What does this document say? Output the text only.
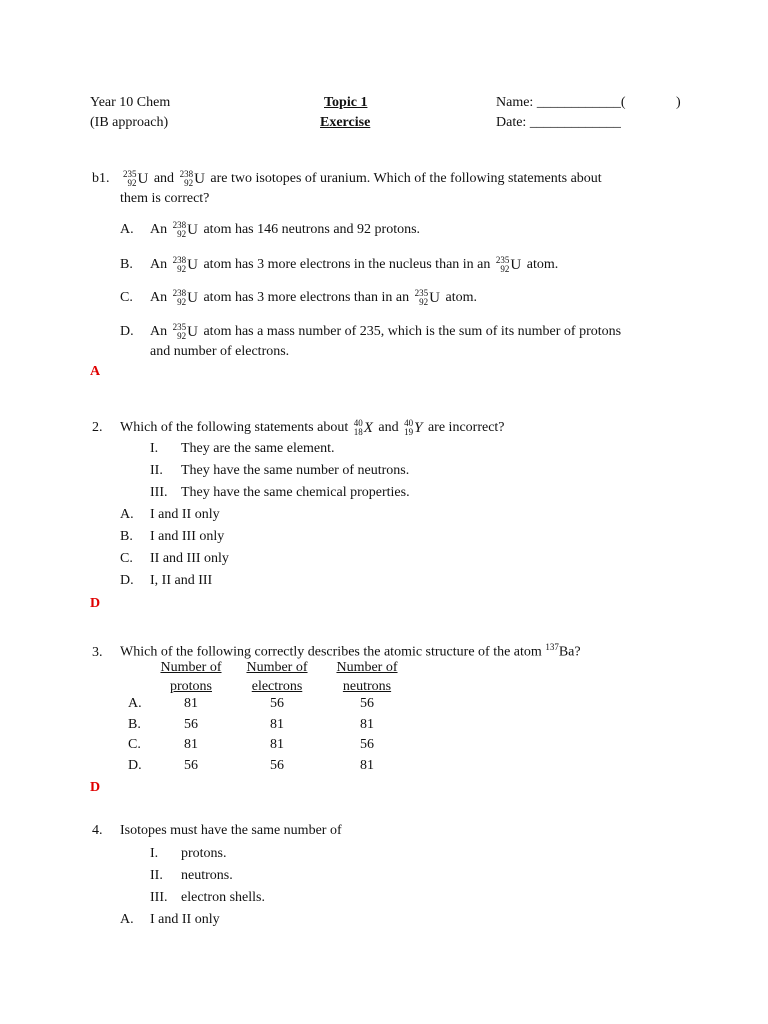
Year 10 Chem
(IB approach)
Topic 1
Exercise
Name: ____________(	)
Date: _____________
b1. 235
92 U and 238
92 U are two isotopes of uranium. Which of the following statements about
them is correct?
A. An 238
92 U atom has 146 neutrons and 92 protons.
B. An 238
92 U atom has 3 more electrons in the nucleus than in an 235
92 U atom.
C. An 238
92 U atom has 3 more electrons than in an 235
92 U atom.
D. An 235
92 U atom has a mass number of 235, which is the sum of its number of protons
and number of electrons.
A
2. Which of the following statements about 40
18 X and 40
19 Y are incorrect?
I. They are the same element.
II. They have the same number of neutrons.
III. They have the same chemical properties.
A. I and II only
B. I and III only
C. II and III only
D. I, II and III
D
3. Which of the following correctly describes the atomic structure of the atom $^{137}$Ba?
Number of
protons
Number of
electrons
Number of
neutrons
A.	81	56	56
B.	56	81	81
C.	81	81	56
D.	56	56	81
D
4. Isotopes must have the same number of
I. protons.
II. neutrons.
III. electron shells.
A. I and II only
